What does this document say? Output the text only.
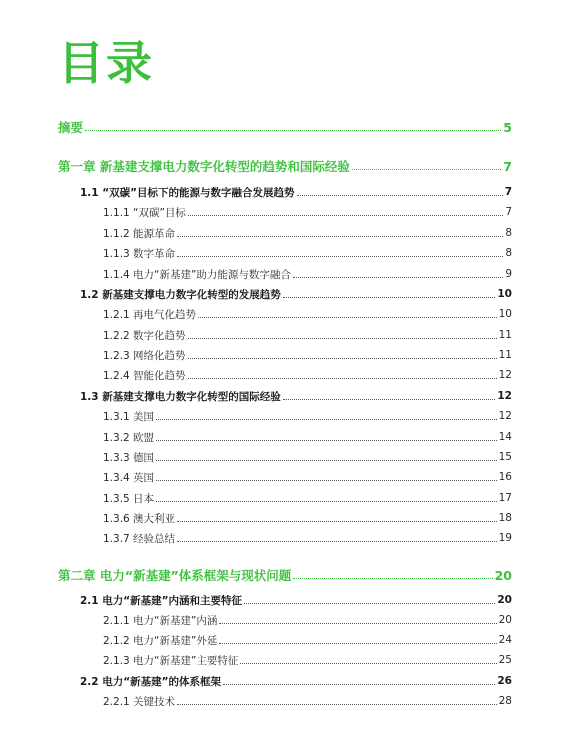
目录
摘要	5
第一章 新基建支撑电力数字化转型的趋势和国际经验	7
1.1 “双碳”目标下的能源与数字融合发展趋势	7
1.1.1 “双碳”目标	7
1.1.2 能源革命	8
1.1.3 数字革命	8
1.1.4 电力“新基建”助力能源与数字融合	9
1.2 新基建支撑电力数字化转型的发展趋势	10
1.2.1 再电气化趋势	10
1.2.2 数字化趋势	11
1.2.3 网络化趋势	11
1.2.4 智能化趋势	12
1.3 新基建支撑电力数字化转型的国际经验	12
1.3.1 美国	12
1.3.2 欧盟	14
1.3.3 德国	15
1.3.4 英国	16
1.3.5 日本	17
1.3.6 澳大利亚	18
1.3.7 经验总结	19
第二章 电力“新基建”体系框架与现状问题	20
2.1 电力“新基建”内涵和主要特征	20
2.1.1 电力“新基建”内涵	20
2.1.2 电力“新基建”外延	24
2.1.3 电力“新基建”主要特征	25
2.2 电力“新基建”的体系框架	26
2.2.1 关键技术	28
